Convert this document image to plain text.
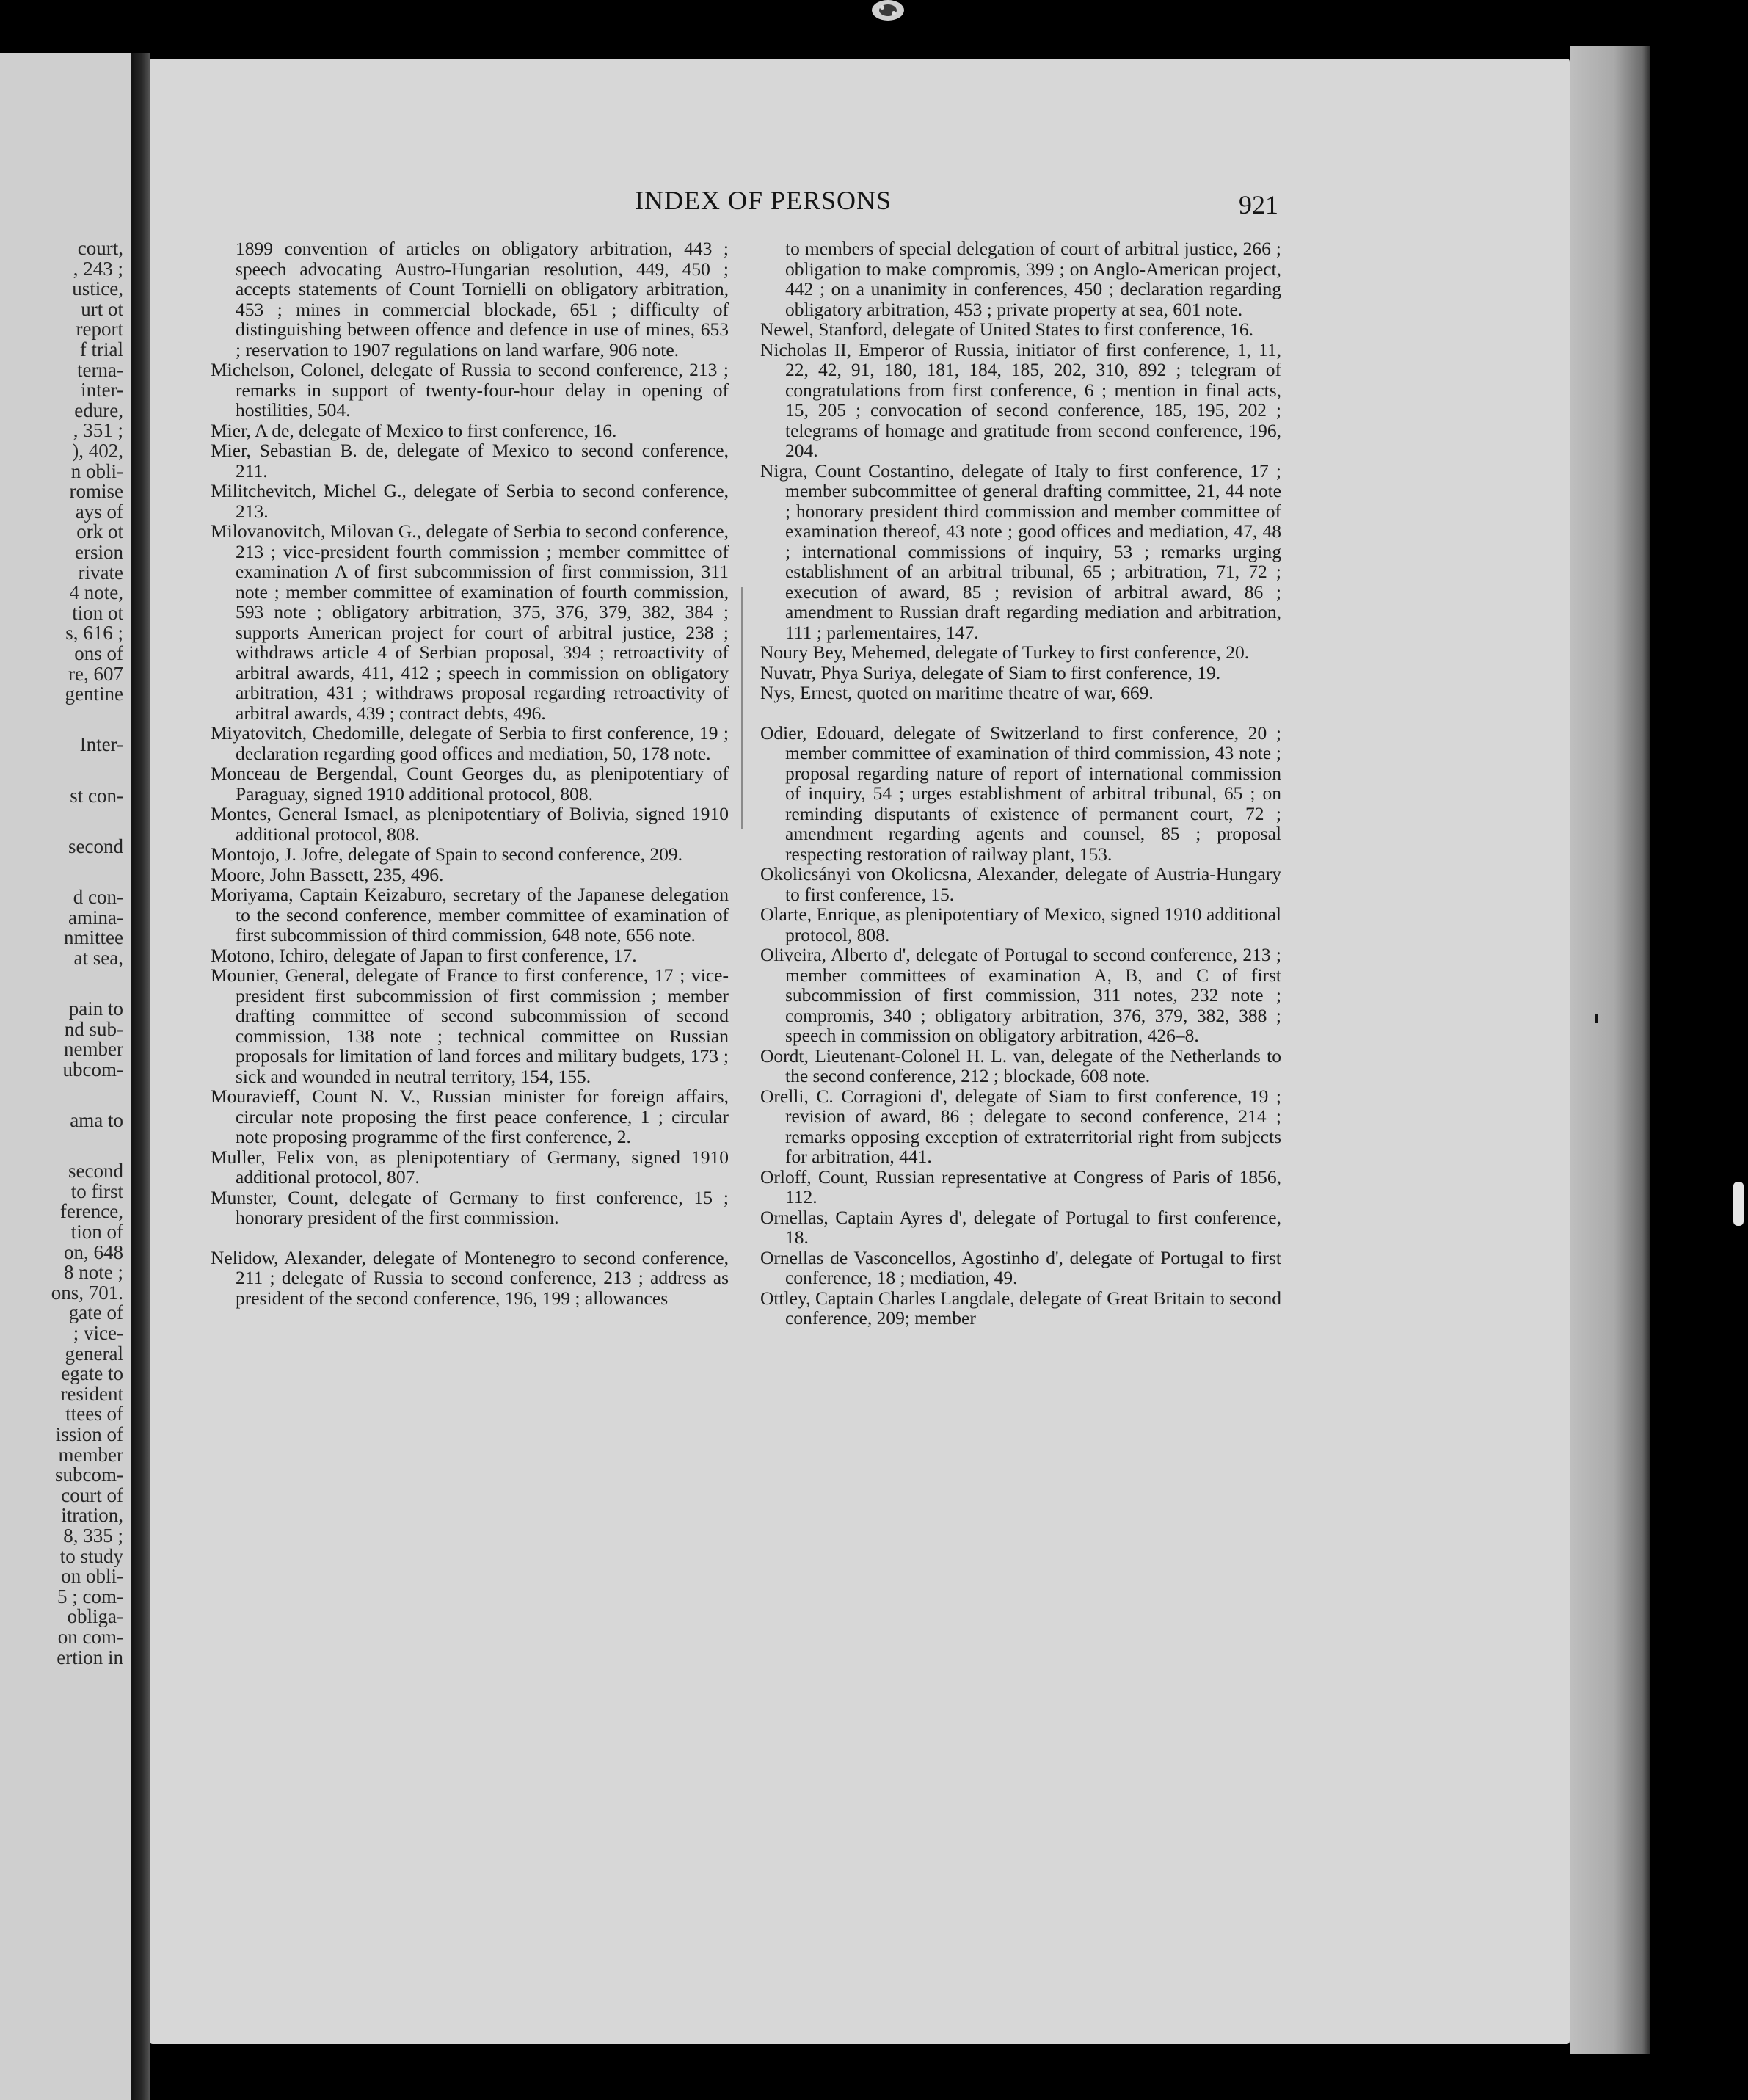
court,
, 243 ;
ustice,
urt ot
report
f trial
terna-
inter-
edure,
, 351 ;
), 402,
n obli-
romise
ays of
ork ot
ersion
rivate
4 note,
tion ot
s, 616 ;
ons of
re, 607
gentine
Inter-
st con-
second
d con-
amina-
nmittee
at sea,
pain to
nd sub-
nember
ubcom-
ama to
second
to first
ference,
tion of
on, 648
8 note ;
ons, 701.
gate of
; vice-
general
egate to
resident
ttees of
ission of
member
subcom-
court of
itration,
8, 335 ;
to study
on obli-
5 ; com-
obliga-
on com-
ertion in
INDEX OF PERSONS	921

1899 convention of articles on obligatory arbitration, 443 ; speech advocating Austro-Hungarian resolution, 449, 450 ; accepts statements of Count Tornielli on obligatory arbitration, 453 ; mines in commercial blockade, 651 ; difficulty of distinguishing between offence and defence in use of mines, 653 ; reservation to 1907 regulations on land warfare, 906 note.

Michelson, Colonel, delegate of Russia to second conference, 213 ; remarks in support of twenty-four-hour delay in opening of hostilities, 504.

Mier, A de, delegate of Mexico to first conference, 16.

Mier, Sebastian B. de, delegate of Mexico to second conference, 211.

Militchevitch, Michel G., delegate of Serbia to second conference, 213.

Milovanovitch, Milovan G., delegate of Serbia to second conference, 213 ; vice-president fourth commission ; member committee of examination A of first subcommission of first commission, 311 note ; member committee of examination of fourth commission, 593 note ; obligatory arbitration, 375, 376, 379, 382, 384 ; supports American project for court of arbitral justice, 238 ; withdraws article 4 of Serbian proposal, 394 ; retroactivity of arbitral awards, 411, 412 ; speech in commission on obligatory arbitration, 431 ; withdraws proposal regarding retroactivity of arbitral awards, 439 ; contract debts, 496.

Miyatovitch, Chedomille, delegate of Serbia to first conference, 19 ; declaration regarding good offices and mediation, 50, 178 note.

Monceau de Bergendal, Count Georges du, as plenipotentiary of Paraguay, signed 1910 additional protocol, 808.

Montes, General Ismael, as plenipotentiary of Bolivia, signed 1910 additional protocol, 808.

Montojo, J. Jofre, delegate of Spain to second conference, 209.

Moore, John Bassett, 235, 496.

Moriyama, Captain Keizaburo, secretary of the Japanese delegation to the second conference, member committee of examination of first subcommission of third commission, 648 note, 656 note.

Motono, Ichiro, delegate of Japan to first conference, 17.

Mounier, General, delegate of France to first conference, 17 ; vice-president first subcommission of first commission ; member drafting committee of second subcommission of second commission, 138 note ; technical committee on Russian proposals for limitation of land forces and military budgets, 173 ; sick and wounded in neutral territory, 154, 155.

Mouravieff, Count N. V., Russian minister for foreign affairs, circular note proposing the first peace conference, 1 ; circular note proposing programme of the first conference, 2.

Muller, Felix von, as plenipotentiary of Germany, signed 1910 additional protocol, 807.

Munster, Count, delegate of Germany to first conference, 15 ; honorary president of the first commission.

Nelidow, Alexander, delegate of Montenegro to second conference, 211 ; delegate of Russia to second conference, 213 ; address as president of the second conference, 196, 199 ; allowances

to members of special delegation of court of arbitral justice, 266 ; obligation to make compromis, 399 ; on Anglo-American project, 442 ; on a unanimity in conferences, 450 ; declaration regarding obligatory arbitration, 453 ; private property at sea, 601 note.

Newel, Stanford, delegate of United States to first conference, 16.

Nicholas II, Emperor of Russia, initiator of first conference, 1, 11, 22, 42, 91, 180, 181, 184, 185, 202, 310, 892 ; telegram of congratulations from first conference, 6 ; mention in final acts, 15, 205 ; convocation of second conference, 185, 195, 202 ; telegrams of homage and gratitude from second conference, 196, 204.

Nigra, Count Costantino, delegate of Italy to first conference, 17 ; member subcommittee of general drafting committee, 21, 44 note ; honorary president third commission and member committee of examination thereof, 43 note ; good offices and mediation, 47, 48 ; international commissions of inquiry, 53 ; remarks urging establishment of an arbitral tribunal, 65 ; arbitration, 71, 72 ; execution of award, 85 ; revision of arbitral award, 86 ; amendment to Russian draft regarding mediation and arbitration, 111 ; parlementaires, 147.

Noury Bey, Mehemed, delegate of Turkey to first conference, 20.

Nuvatr, Phya Suriya, delegate of Siam to first conference, 19.

Nys, Ernest, quoted on maritime theatre of war, 669.

Odier, Edouard, delegate of Switzerland to first conference, 20 ; member committee of examination of third commission, 43 note ; proposal regarding nature of report of international commission of inquiry, 54 ; urges establishment of arbitral tribunal, 65 ; on reminding disputants of existence of permanent court, 72 ; amendment regarding agents and counsel, 85 ; proposal respecting restoration of railway plant, 153.

Okolicsányi von Okolicsna, Alexander, delegate of Austria-Hungary to first conference, 15.

Olarte, Enrique, as plenipotentiary of Mexico, signed 1910 additional protocol, 808.

Oliveira, Alberto d', delegate of Portugal to second conference, 213 ; member committees of examination A, B, and C of first subcommission of first commission, 311 notes, 232 note ; compromis, 340 ; obligatory arbitration, 376, 379, 382, 388 ; speech in commission on obligatory arbitration, 426–8.

Oordt, Lieutenant-Colonel H. L. van, delegate of the Netherlands to the second conference, 212 ; blockade, 608 note.

Orelli, C. Corragioni d', delegate of Siam to first conference, 19 ; revision of award, 86 ; delegate to second conference, 214 ; remarks opposing exception of extraterritorial right from subjects for arbitration, 441.

Orloff, Count, Russian representative at Congress of Paris of 1856, 112.

Ornellas, Captain Ayres d', delegate of Portugal to first conference, 18.

Ornellas de Vasconcellos, Agostinho d', delegate of Portugal to first conference, 18 ; mediation, 49.

Ottley, Captain Charles Langdale, delegate of Great Britain to second conference, 209; member
